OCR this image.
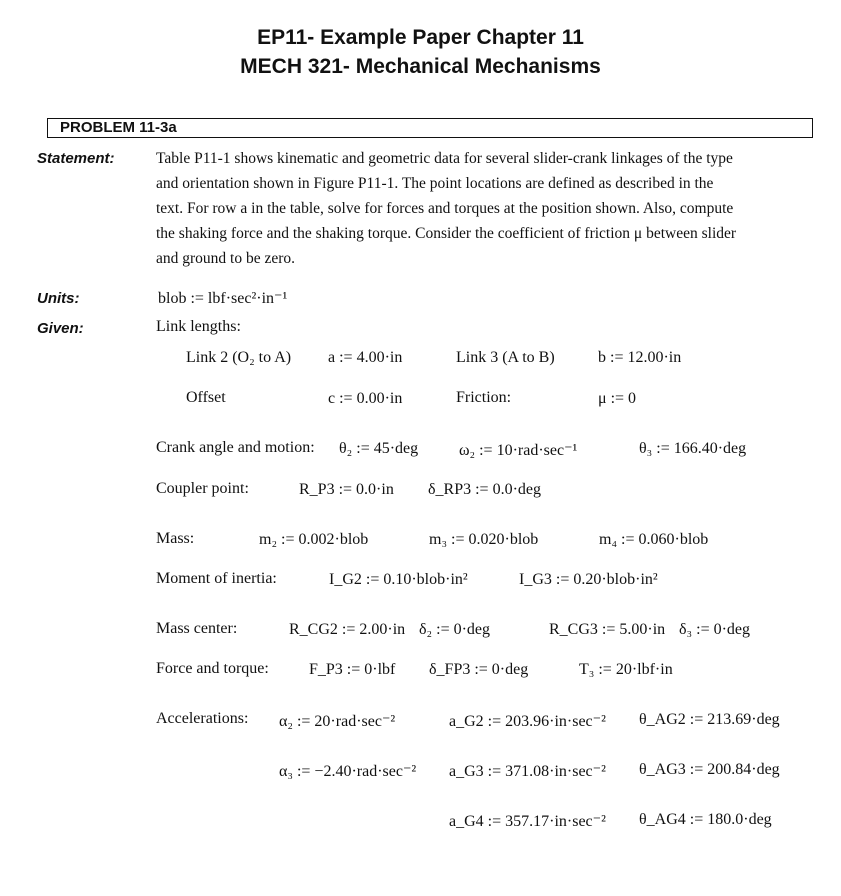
EP11- Example Paper Chapter 11
MECH 321- Mechanical Mechanisms
PROBLEM 11-3a
Statement:	Table P11-1 shows kinematic and geometric data for several slider-crank linkages of the type

and orientation shown in Figure P11-1. The point locations are defined as described in the

text. For row a in the table, solve for forces and torques at the position shown. Also, compute

the shaking force and the shaking torque. Consider the coefficient of friction μ between slider

and ground to be zero.

Units:	blob := lbf·sec²·in⁻¹
Given:	Link lengths:
Link 2 (O₂ to A) a := 4.00·in	Link 3 (A to B)	b := 12.00·in
Offset	c := 0.00·in	Friction:	μ := 0
Crank angle and motion: θ₂ := 45·deg	ω₂ := 10·rad·sec⁻¹	θ₃ := 166.40·deg
Coupler point:	R_P3 := 0.0·in δ_RP3 := 0.0·deg
Mass:	m₂ := 0.002·blob	m₃ := 0.020·blob	m₄ := 0.060·blob
Moment of inertia:	I_G2 := 0.10·blob·in²	I_G3 := 0.20·blob·in²
Mass center:	R_CG2 := 2.00·in δ₂ := 0·deg	R_CG3 := 5.00·in δ₃ := 0·deg
Force and torque:	F_P3 := 0·lbf δ_FP3 := 0·deg	T₃ := 20·lbf·in
Accelerations: α₂ := 20·rad·sec⁻²	a_G2 := 203.96·in·sec⁻² θ_AG2 := 213.69·deg
α₃ := −2.40·rad·sec⁻² a_G3 := 371.08·in·sec⁻² θ_AG3 := 200.84·deg
a_G4 := 357.17·in·sec⁻² θ_AG4 := 180.0·deg
